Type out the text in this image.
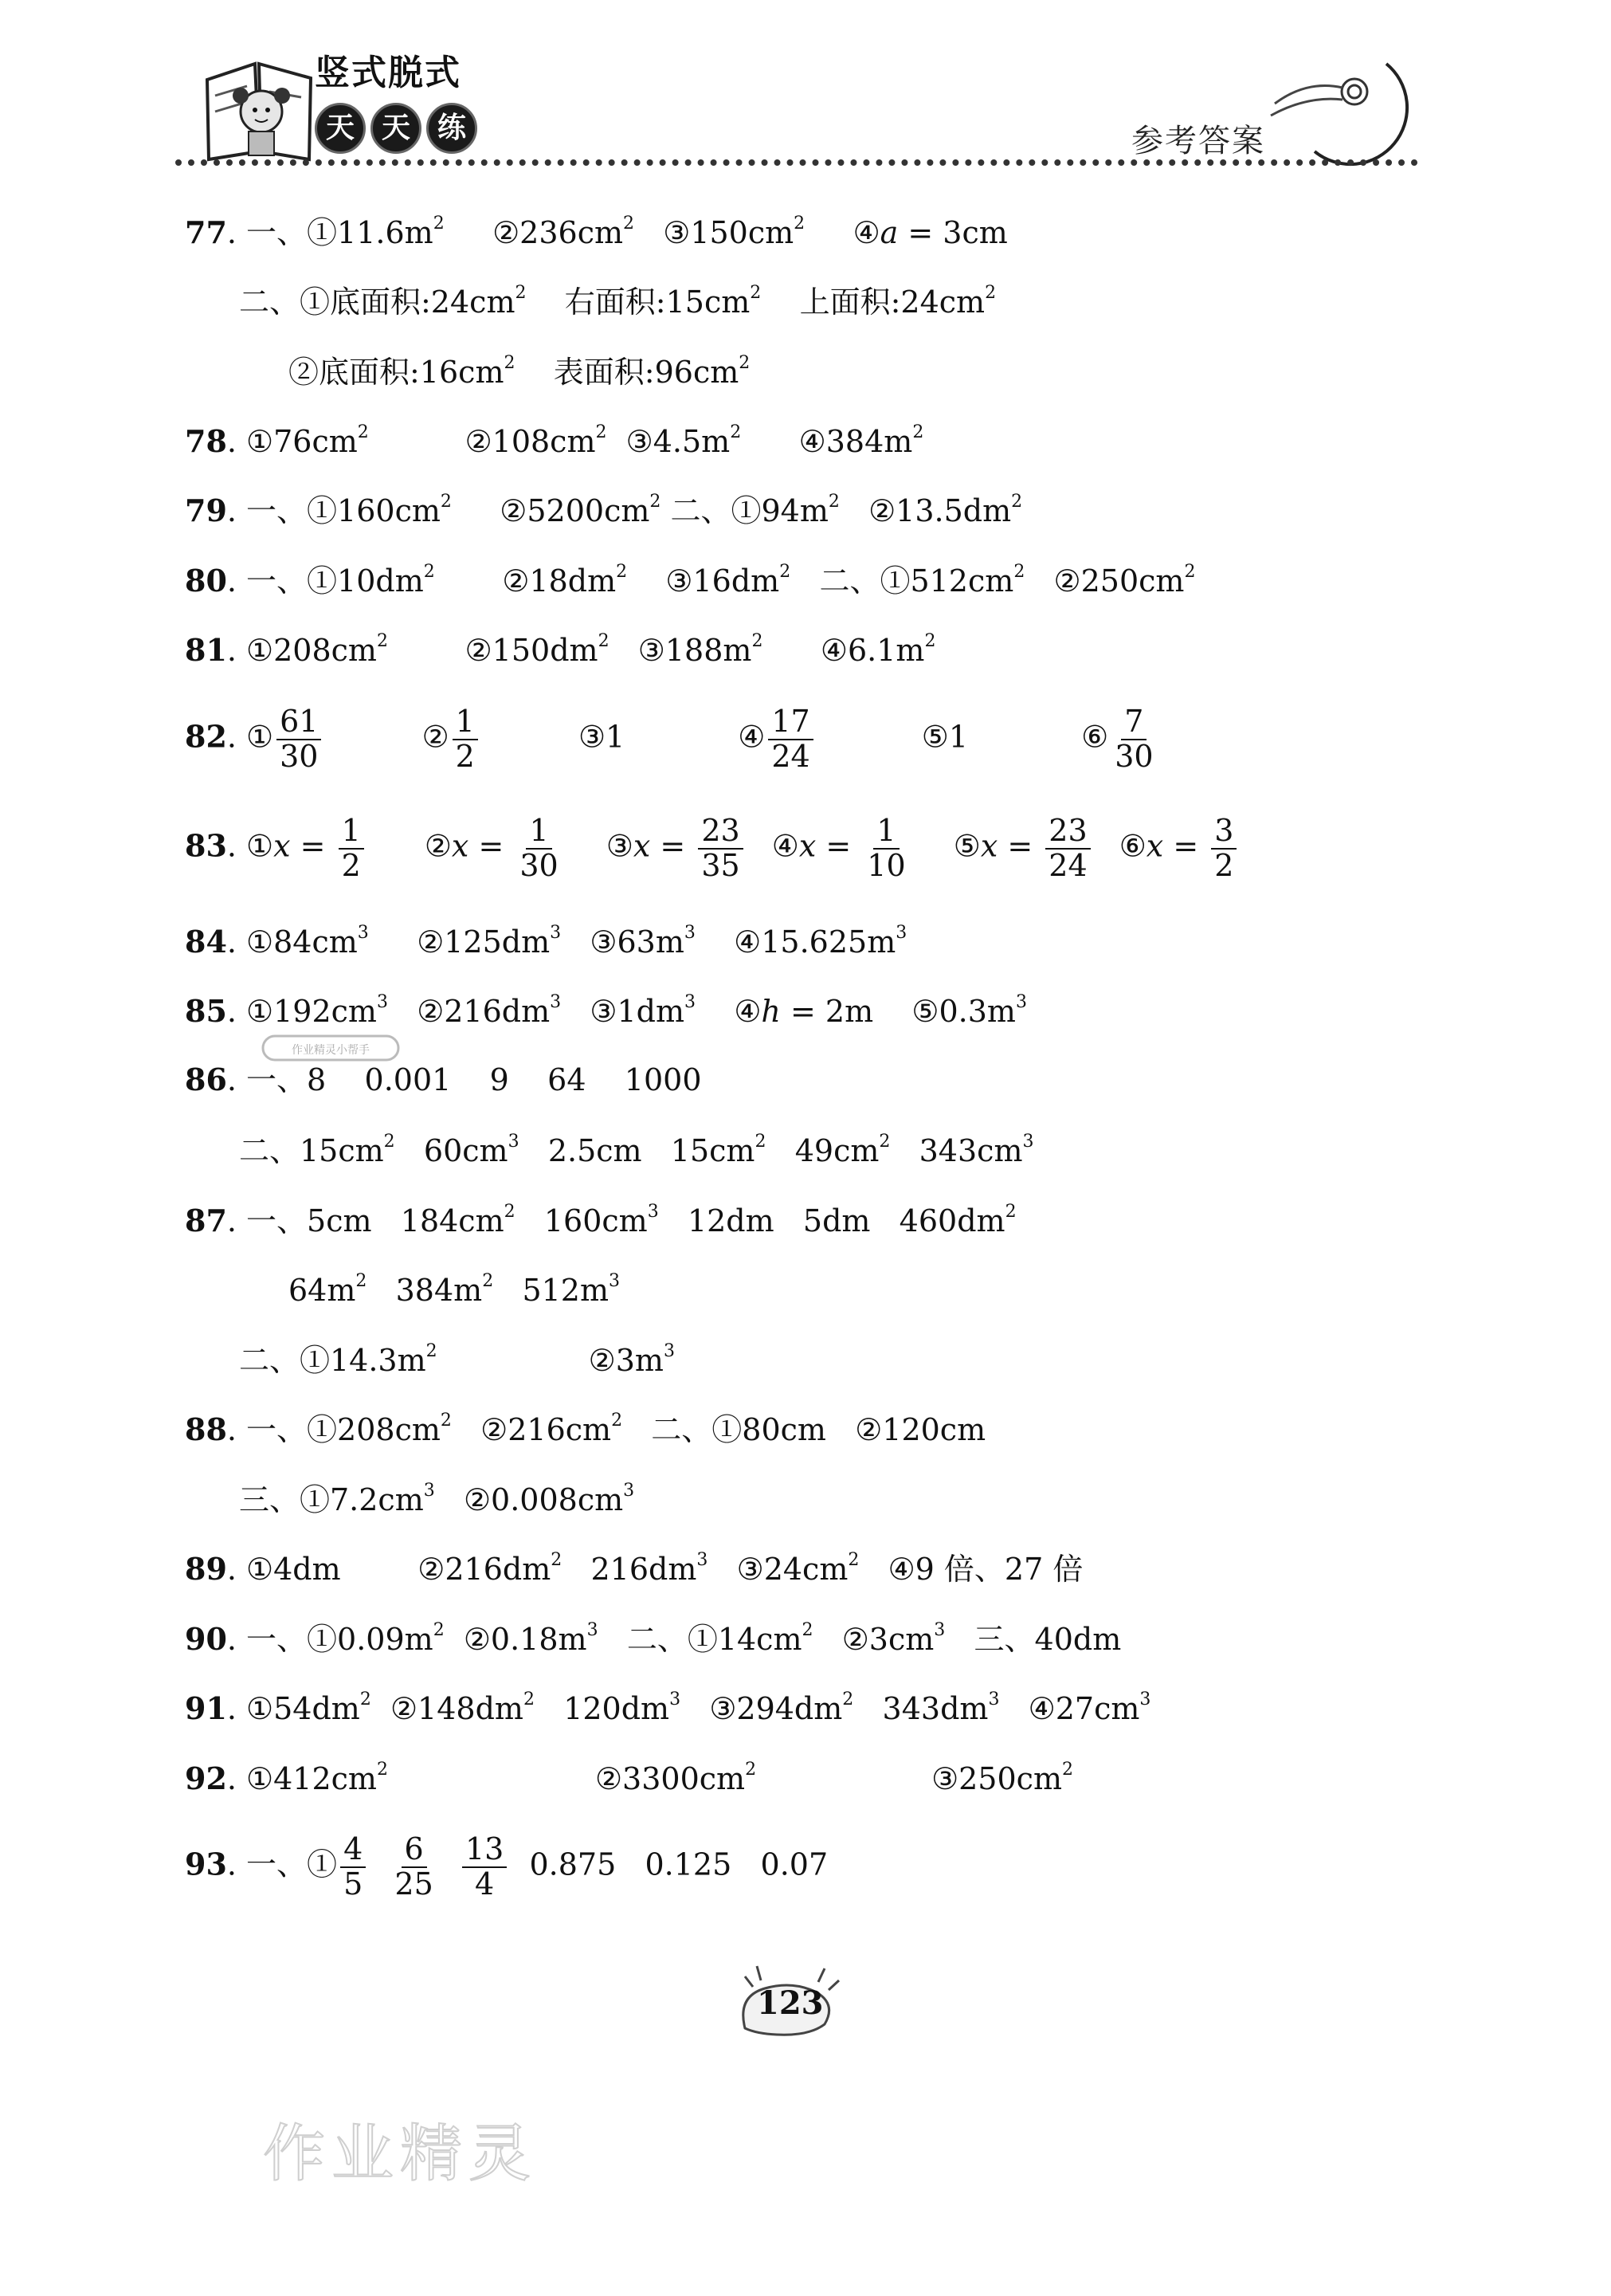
竖式脱式
天 天 练	参考答案
77. 一、$①11.6m^2$     $②236cm^2$   $③150cm^2$     ④a = 3cm
二、①底面积$:24cm^2$    右面积$:15cm^2$    上面积$:24cm^2$
②底面积$:16cm^2$    表面积$:96cm^2$
78. $①76cm^2$          $②108cm^2$  $③4.5m^2$      $④384m^2$
79. 一、$①160cm^2$     $②5200cm^2$ 二、$①94m^2$   $②13.5dm^2$
80. 一、$①10dm^2$       $②18dm^2$    $③16dm^2$   二、$①512cm^2$   $②250cm^2$
81. $①208cm^2$        $②150dm^2$   $③188m^2$      $④6.1m^2$
82. ① $\frac{61}{30}$	② $\frac{1}{2}$	③1	④ $\frac{17}{24}$	⑤1	⑥ $\frac{7}{30}$
83. ①x = $\frac{1}{2}$ ②x = $\frac{1}{30}$ ③x = $\frac{23}{35}$ ④x = $\frac{1}{10}$ ⑤x = $\frac{23}{24}$ ⑥x = $\frac{3}{2}$
84. $①84cm^3$     $②125dm^3$   $③63m^3$    $④15.625m^3$
85. $①192cm^3$   $②216dm^3$   $③1dm^3$    ④h = 2m    $⑤0.3m^3$
作业精灵小帮手
86. 一、8    0.001    9    64    1000
二、$15cm^2$   $60cm^3$   2.5cm   $15cm^2$   $49cm^2$   $343cm^3$
87. 一、5cm   $184cm^2$   $160cm^3$   12dm   5dm   $460dm^2$
$64m^2$   $384m^2$   $512m^3$
二、$①14.3m^2$	$②3m^3$
88. 一、$①208cm^2$   $②216cm^2$   二、①80cm   ②120cm
三、$①7.2cm^3$   $②0.008cm^3$
89. ①4dm        $②216dm^2$   $216dm^3$   $③24cm^2$   ④9 倍、27 倍
90. 一、$①0.09m^2$  $②0.18m^3$   二、$①14cm^2$   $②3cm^3$   三、40dm
91. $①54dm^2$  $②148dm^2$   $120dm^3$   $③294dm^2$   $343dm^3$   $④27cm^3$
92. $①412cm^2$	$②3300cm^2$	$③250cm^2$
93. 一、① $\frac{4}{5}$
$\frac{6}{25}$
$\frac{13}{4} 0.875$   0.125   0.07
123
作业精灵
